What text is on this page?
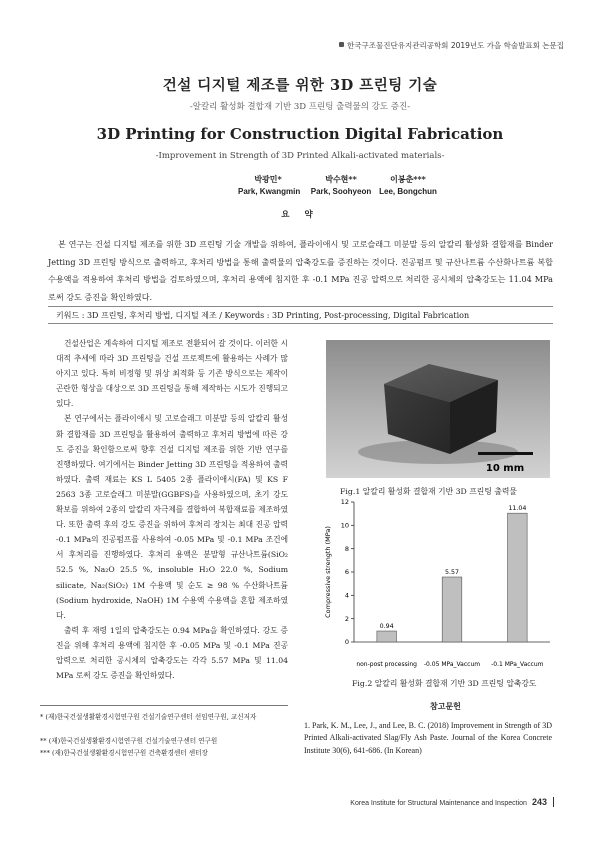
한국구조물진단유지관리공학회 2019년도 가을 학술발표회 논문집
건설 디지털 제조를 위한 3D 프린팅 기술
-알칼리 활성화 결합재 기반 3D 프린팅 출력물의 강도 증진-
3D Printing for Construction Digital Fabrication
-Improvement in Strength of 3D Printed Alkali-activated materials-
박광민*
Park, Kwangmin
박수현**
Park, Soohyeon
이봉춘***
Lee, Bongchun
요 약
본 연구는 건설 디지털 제조를 위한 3D 프린팅 기술 개발을 위하여, 플라이애시 및 고로슬래그 미분말 등의 알칼리 활성화 결합재를 Binder Jetting 3D 프린팅 방식으로 출력하고, 후처리 방법을 통해 출력물의 압축강도를 증진하는 것이다. 진공펌프 및 규산나트륨 수산화나트륨 복합 수용액을 적용하여 후처리 방법을 검토하였으며, 후처리 용액에 침지한 후 -0.1 MPa 진공 압력으로 처리한 공시체의 압축강도는 11.04 MPa 로써 강도 증진을 확인하였다.
키워드 : 3D 프린팅, 후처리 방법, 디지털 제조 / Keywords : 3D Printing, Post-processing, Digital Fabrication

건설산업은 계속하여 디지털 제조로 전환되어 갈 것이다. 이러한 시대적 추세에 따라 3D 프린팅을 건설 프로젝트에 활용하는 사례가 많아지고 있다. 특히 비정형 및 위상 최적화 등 기존 방식으로는 제작이 곤란한 형상을 대상으로 3D 프린팅을 통해 제작하는 시도가 진행되고 있다.

본 연구에서는 플라이애시 및 고로슬래그 미분말 등의 알칼리 활성화 결합재를 3D 프린팅을 활용하여 출력하고 후처리 방법에 따른 강도 증진을 확인함으로써 향후 건설 디지털 제조를 위한 기반 연구를 진행하였다. 여기에서는 Binder Jetting 3D 프린팅을 적용하여 출력하였다. 출력 재료는 KS L 5405 2종 플라이애시(FA) 및 KS F 2563 3종 고로슬래그 미분말(GGBFS)을 사용하였으며, 초기 강도 확보를 위하여 2종의 알칼리 자극제를 결합하여 복합재료를 제조하였다. 또한 출력 후의 강도 증진을 위하여 후처리 장치는 최대 진공 압력 -0.1 MPa의 진공펌프를 사용하여 -0.05 MPa 및 -0.1 MPa 조건에서 후처리를 진행하였다. 후처리 용액은 분말형 규산나트륨(SiO₂ 52.5 %, Na₂O 25.5 %, insoluble H₂O 22.0 %, Sodium silicate, Na₂(SiO₂) 1M 수용액 및 순도 ≥ 98 % 수산화나트륨(Sodium hydroxide, NaOH) 1M 수용액 수용액을 혼합 제조하였다.

출력 후 재령 1일의 압축강도는 0.94 MPa을 확인하였다. 강도 증진을 위해 후처리 용액에 침지한 후 -0.05 MPa 및 -0.1 MPa 진공 압력으로 처리한 공시체의 압축강도는 각각 5.57 MPa 및 11.04 MPa 로써 강도 증진을 확인하였다.

10 mm
Fig.1 알칼리 활성화 결합재 기반 3D 프린팅 출력물
0
2
4
6
8
10
12
0.94
5.57
11.04
non-post processing -0.05 MPa_Vaccum -0.1 MPa_Vaccum
Compressive strength (MPa)
Fig.2 알칼리 활성화 결합재 기반 3D 프린팅 압축강도
참고문헌
1. Park, K. M., Lee, J., and Lee, B. C. (2018) Improvement in Strength of 3D Printed Alkali-activated Slag/Fly Ash Paste. Journal of the Korea Concrete Institute 30(6), 641-686. (In Korean)
* (재)한국건설생활환경시험연구원 건설기술연구센터 선임연구원, 교신저자
** (재)한국건설생활환경시험연구원 건설기술연구센터 연구원
*** (재)한국건설생활환경시험연구원 건축환경센터 센터장
Korea Institute for Structural Maintenance and Inspection 243
